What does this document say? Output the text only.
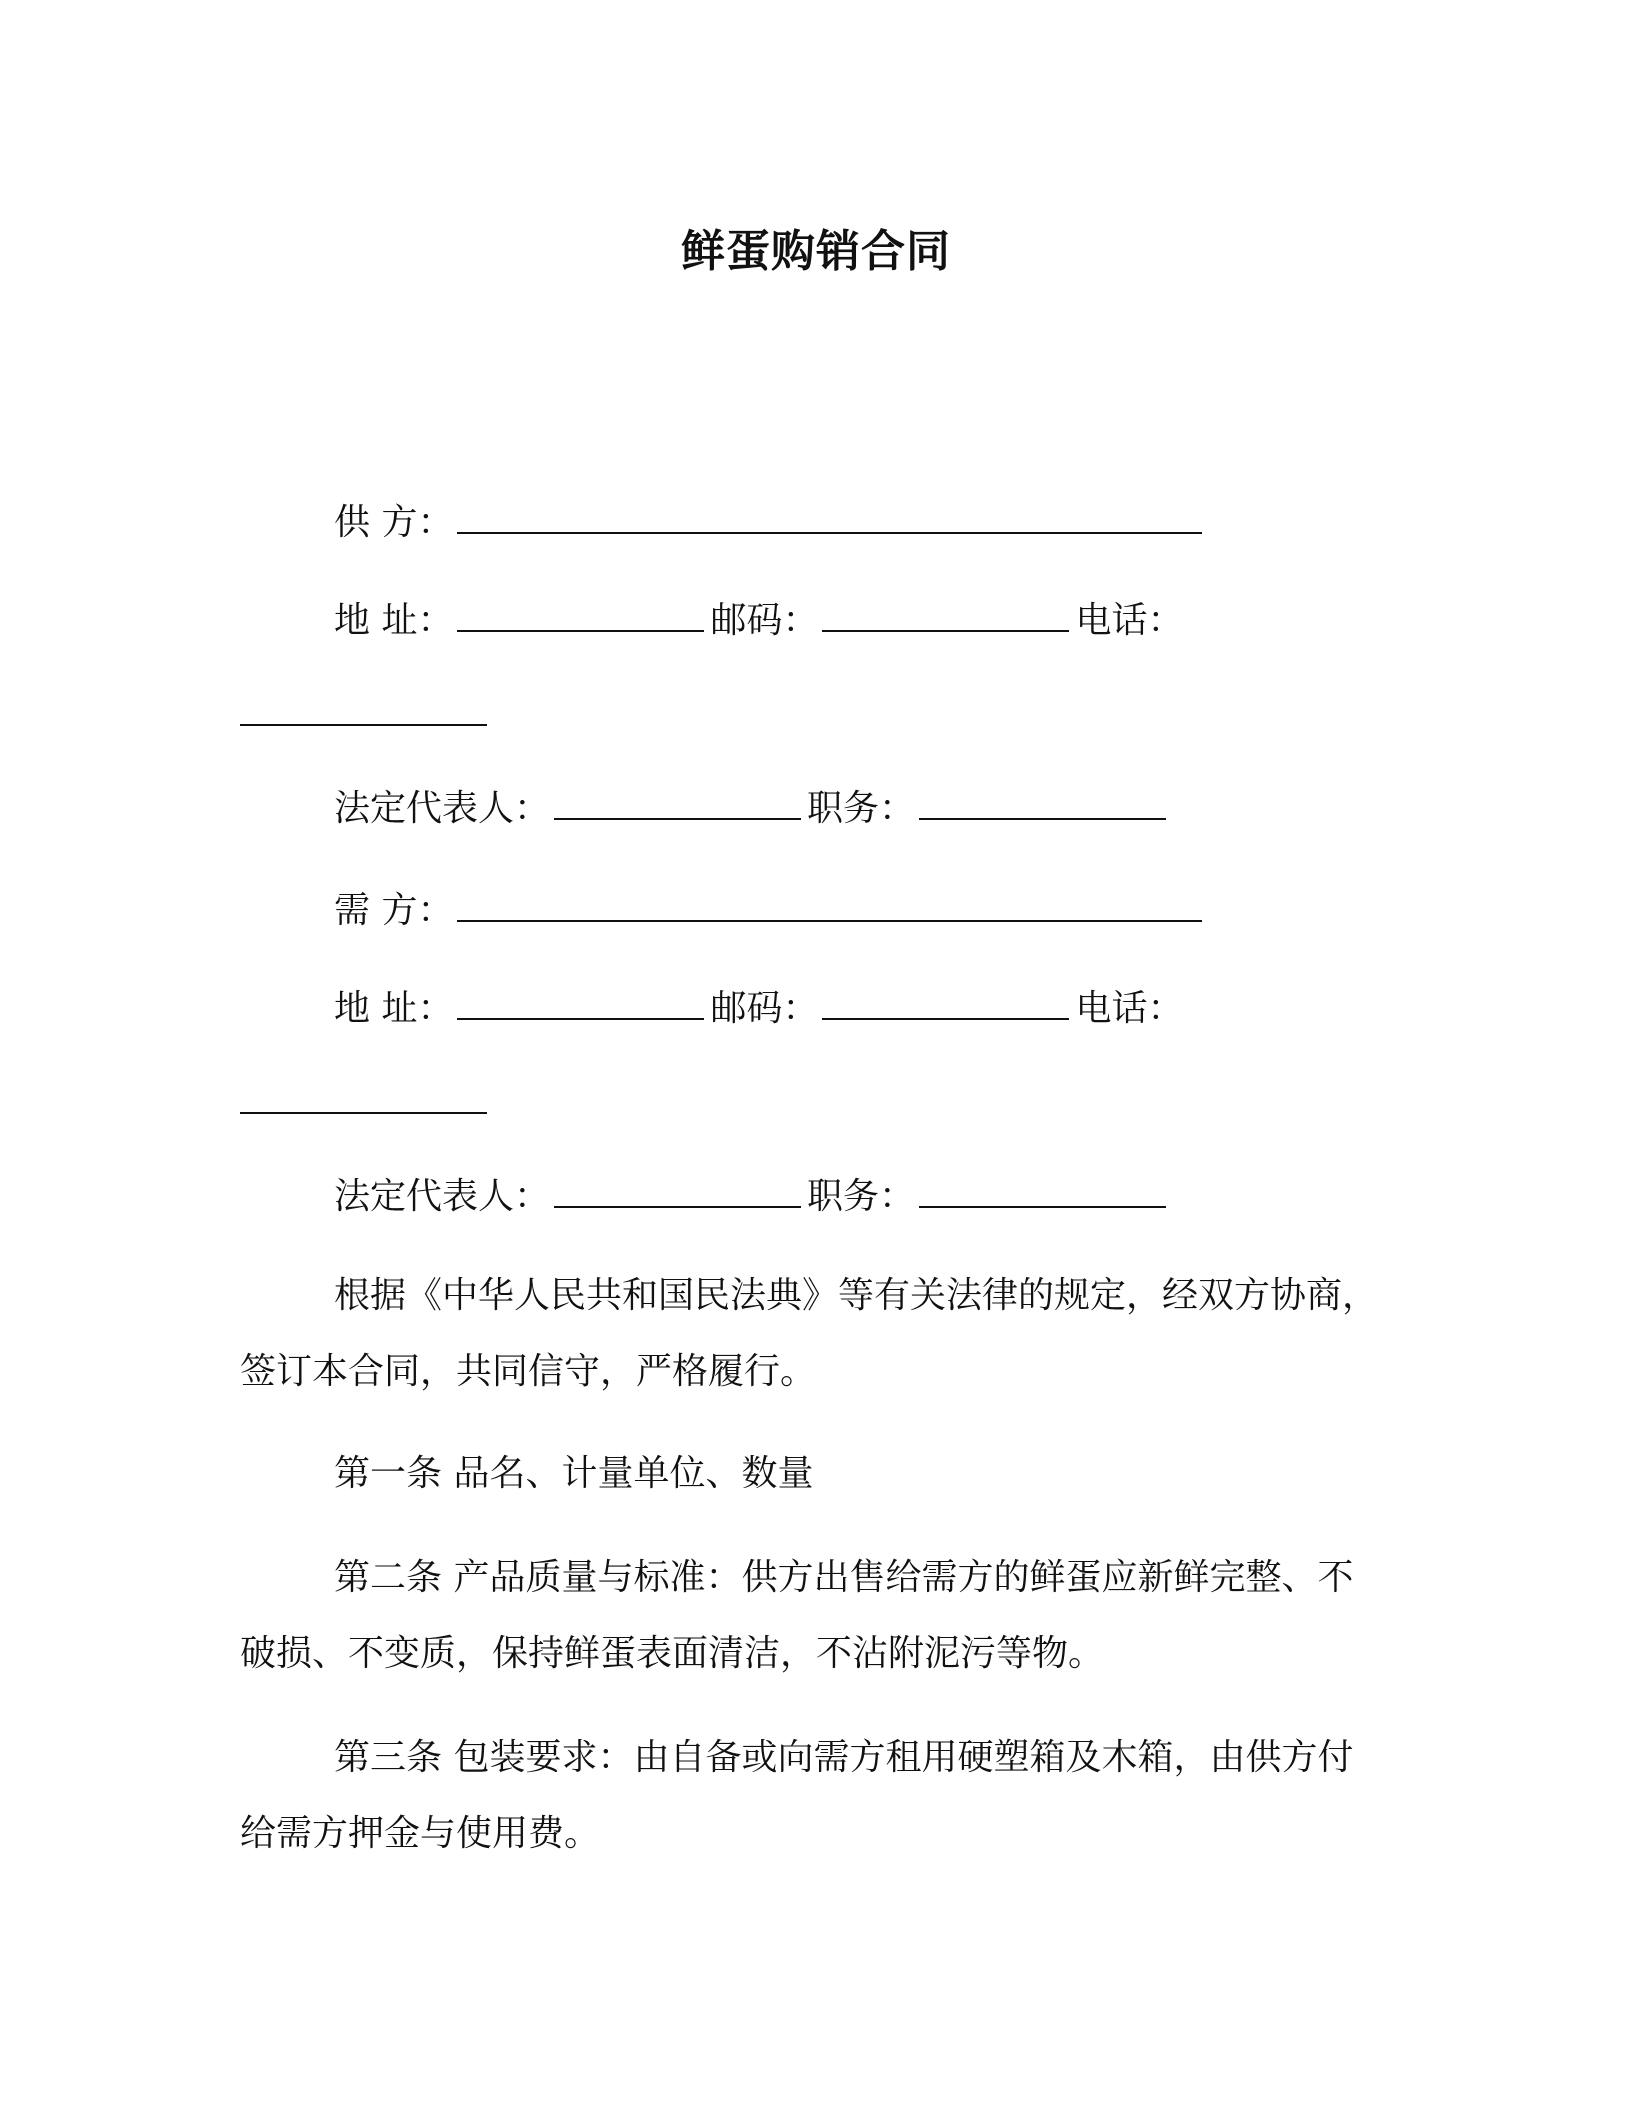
鲜蛋购销合同
供 方：
地 址：	邮码：	电话：
法定代表人：	职务：
需 方：
地 址：	邮码：	电话：
法定代表人：	职务：
根据《中华人民共和国民法典》等有关法律的规定，经双方协商，
签订本合同，共同信守，严格履行。
第一条 品名、计量单位、数量
第二条 产品质量与标准：供方出售给需方的鲜蛋应新鲜完整、不
破损、不变质，保持鲜蛋表面清洁，不沾附泥污等物。
第三条 包装要求：由自备或向需方租用硬塑箱及木箱，由供方付
给需方押金与使用费。
